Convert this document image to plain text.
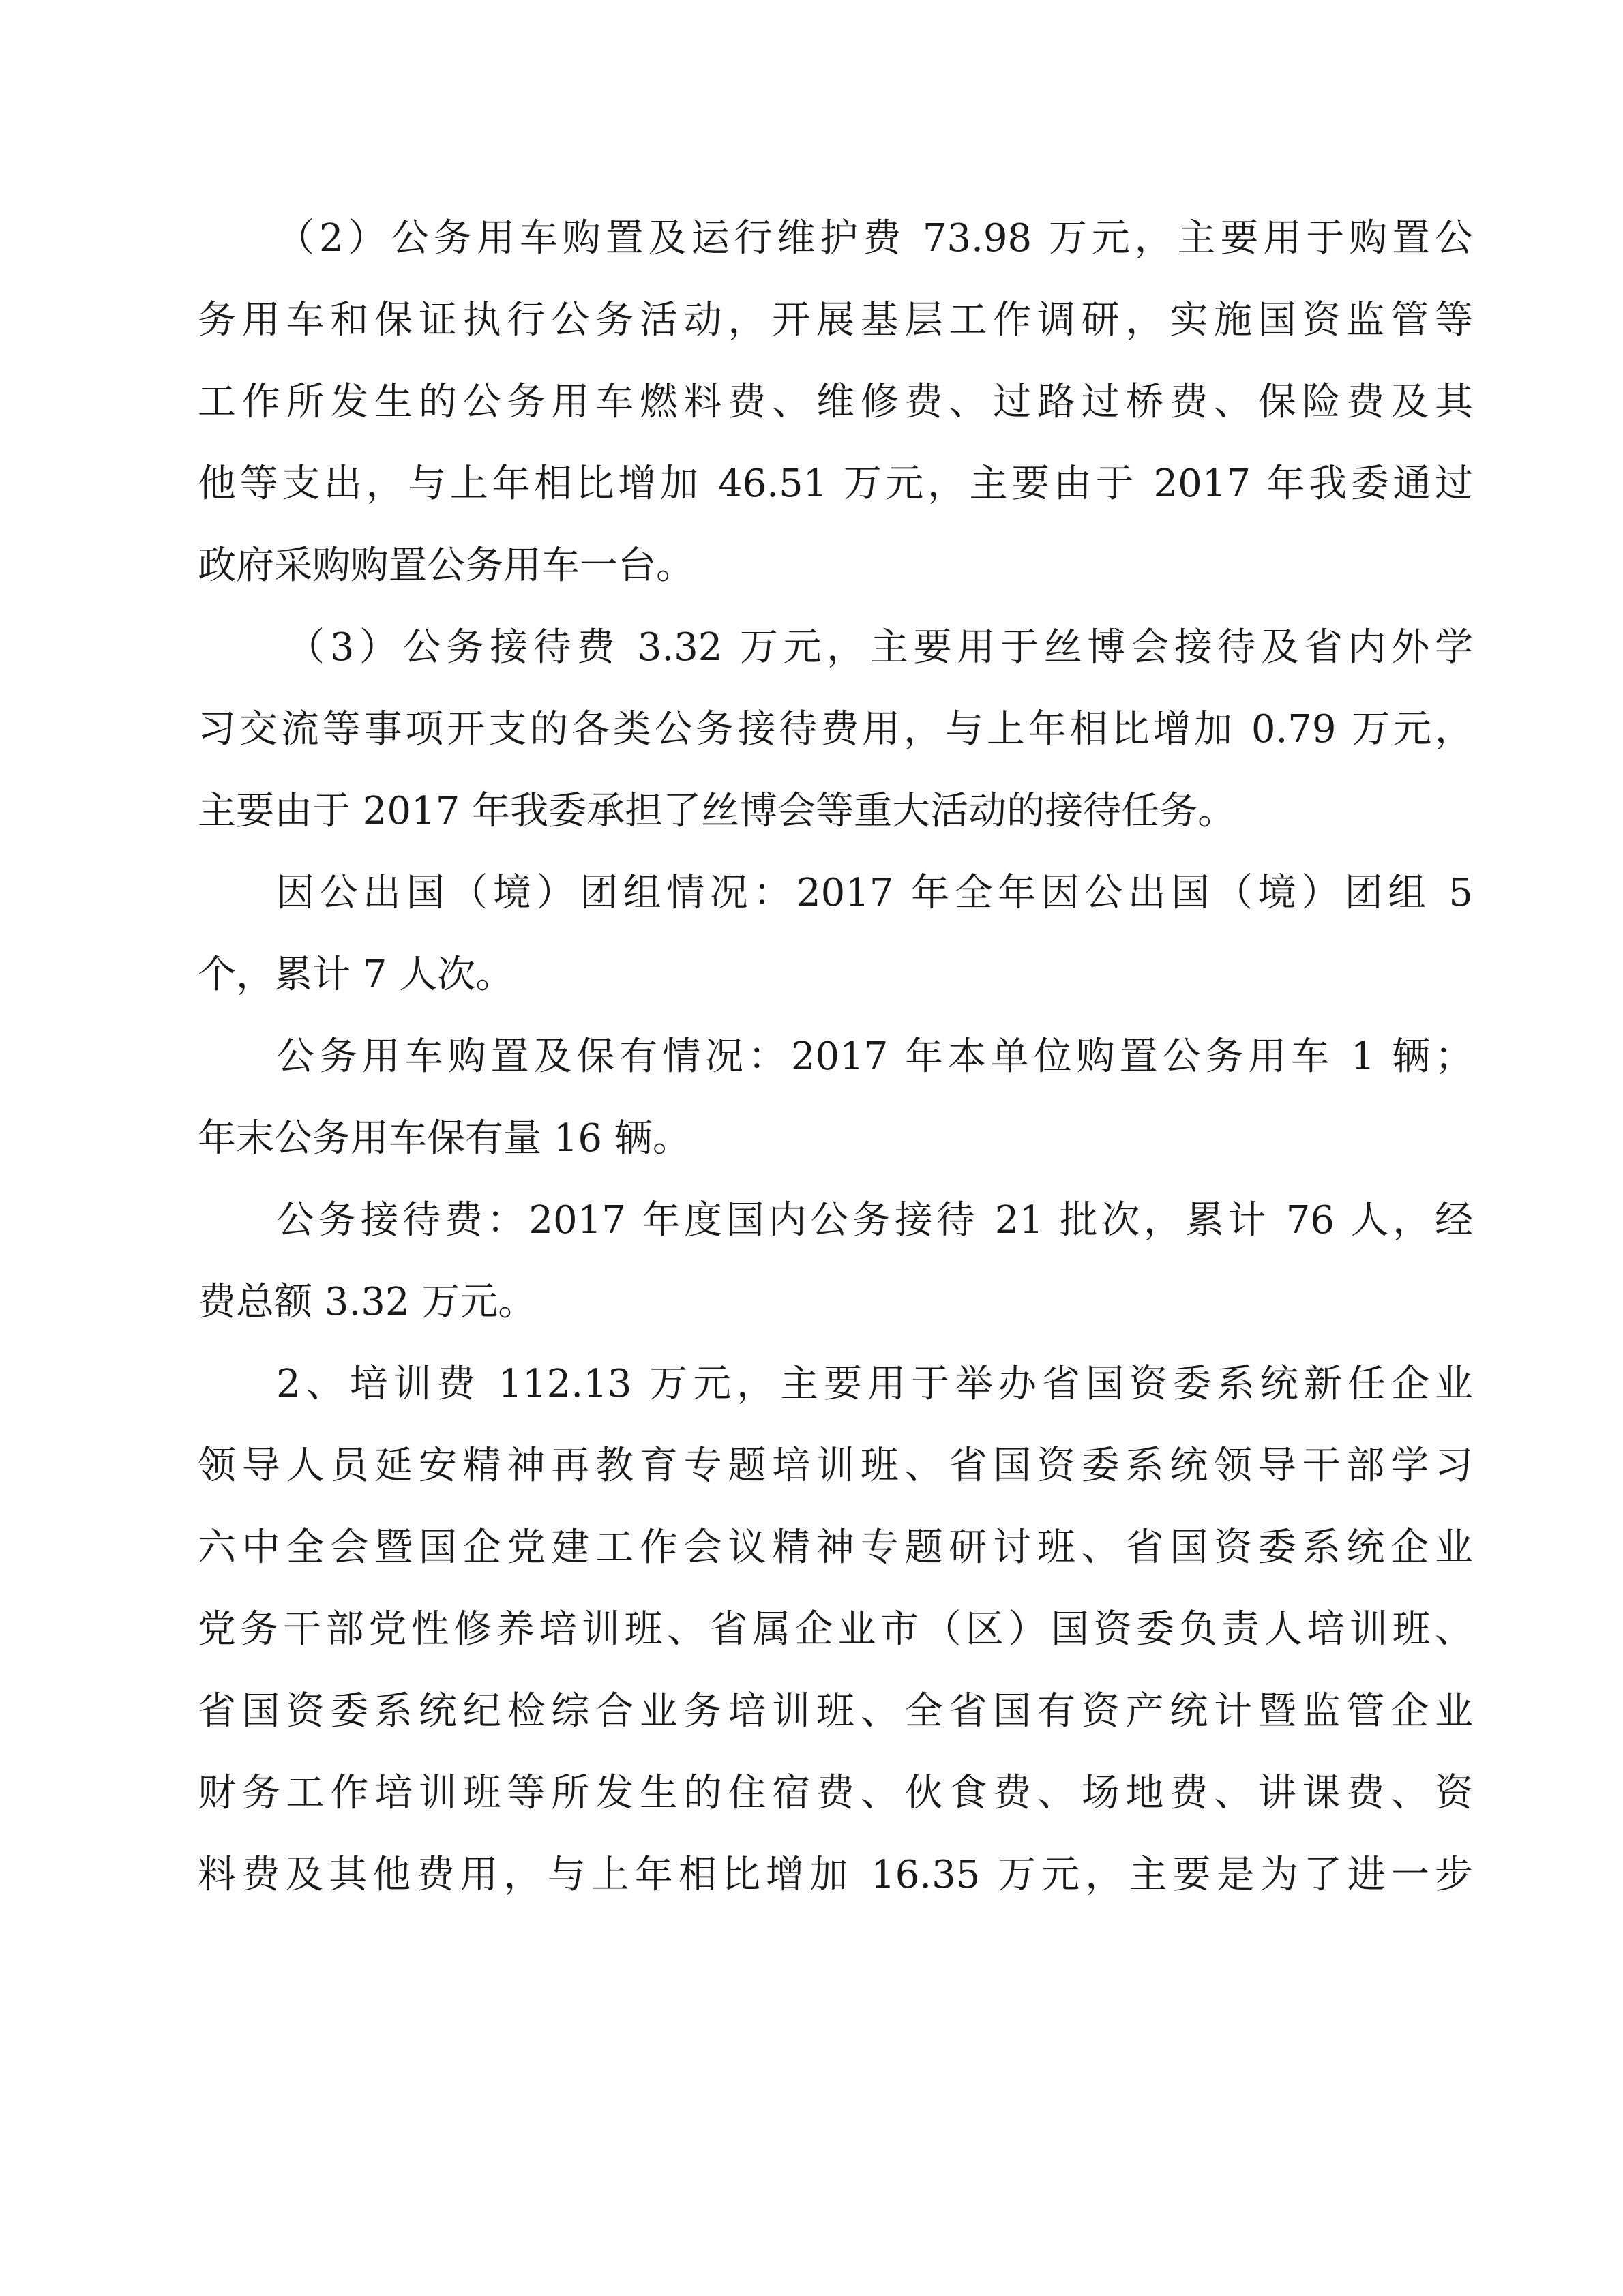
（2）公务用车购置及运行维护费 73.98 万元，主要用于购置公
务用车和保证执行公务活动，开展基层工作调研，实施国资监管等
工作所发生的公务用车燃料费、维修费、过路过桥费、保险费及其
他等支出，与上年相比增加 46.51 万元，主要由于 2017 年我委通过
政府采购购置公务用车一台。
（3）公务接待费 3.32 万元，主要用于丝博会接待及省内外学
习交流等事项开支的各类公务接待费用，与上年相比增加 0.79 万元，
主要由于 2017 年我委承担了丝博会等重大活动的接待任务。
因公出国（境）团组情况：2017 年全年因公出国（境）团组 5
个，累计 7 人次。
公务用车购置及保有情况：2017 年本单位购置公务用车 1 辆；
年末公务用车保有量 16 辆。
公务接待费：2017 年度国内公务接待 21 批次，累计 76 人，经
费总额 3.32 万元。
2、培训费 112.13 万元，主要用于举办省国资委系统新任企业
领导人员延安精神再教育专题培训班、省国资委系统领导干部学习
六中全会暨国企党建工作会议精神专题研讨班、省国资委系统企业
党务干部党性修养培训班、省属企业市（区）国资委负责人培训班、
省国资委系统纪检综合业务培训班、全省国有资产统计暨监管企业
财务工作培训班等所发生的住宿费、伙食费、场地费、讲课费、资
料费及其他费用，与上年相比增加 16.35 万元，主要是为了进一步
